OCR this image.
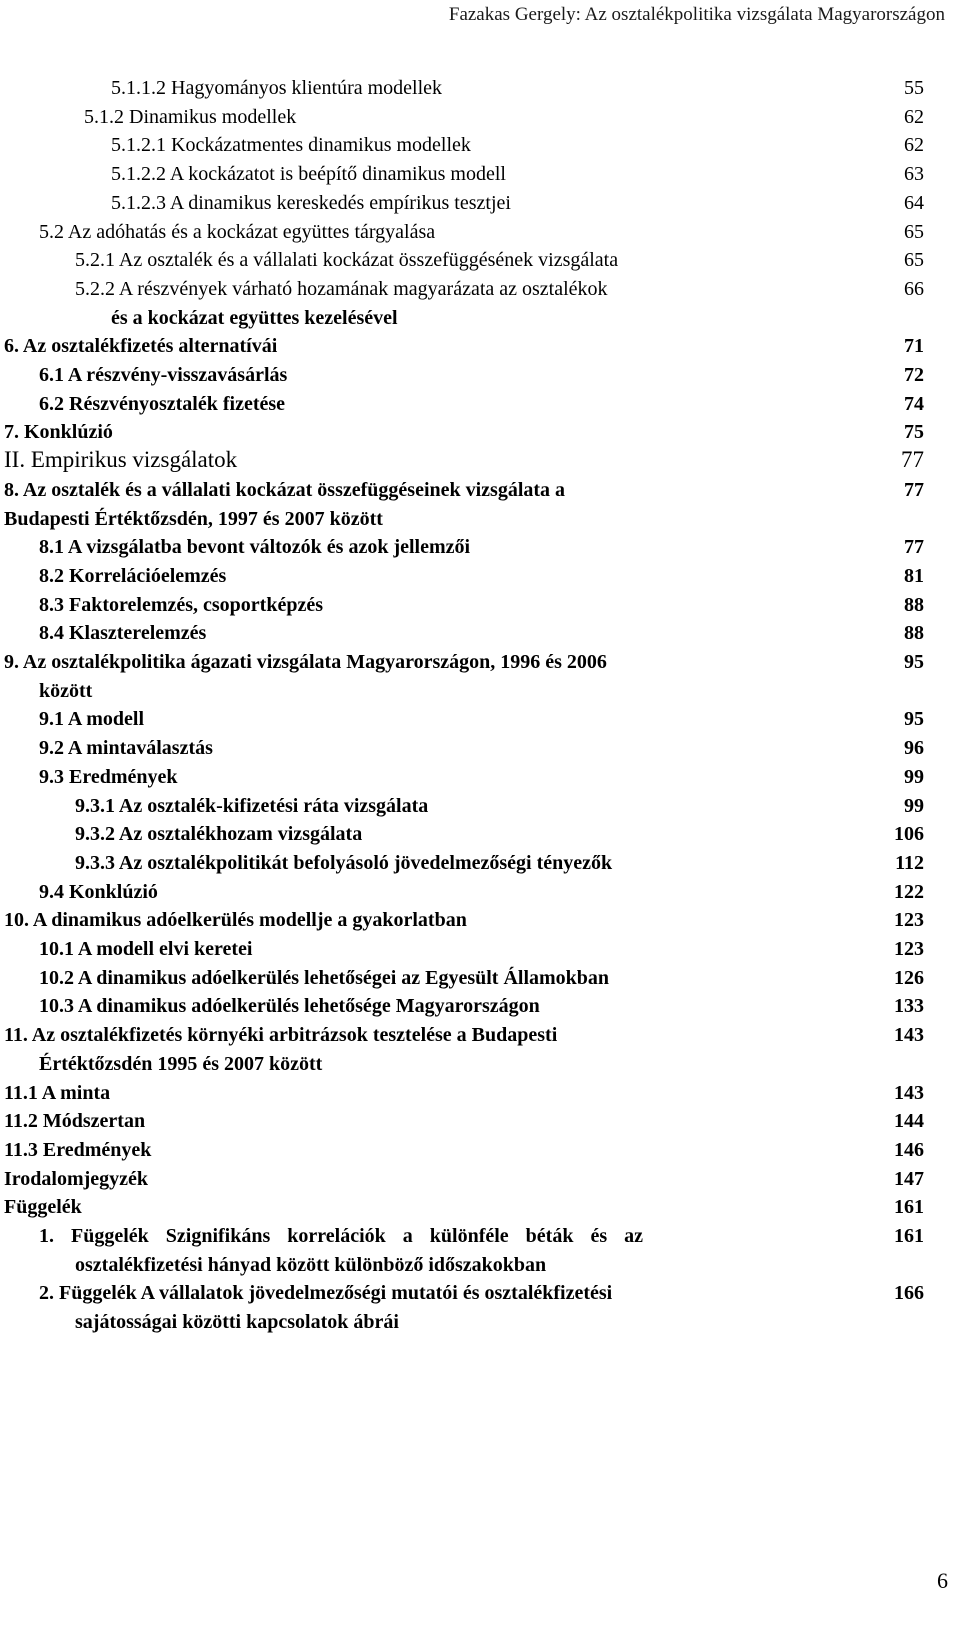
Fazakas Gergely: Az osztalékpolitika vizsgálata Magyarországon
5.1.1.2 Hagyományos klientúra modellek	55
5.1.2 Dinamikus modellek	62
5.1.2.1 Kockázatmentes dinamikus modellek	62
5.1.2.2 A kockázatot is beépítő dinamikus modell	63
5.1.2.3 A dinamikus kereskedés empírikus tesztjei	64
5.2 Az adóhatás és a kockázat együttes tárgyalása	65
5.2.1 Az osztalék és a vállalati kockázat összefüggésének vizsgálata	65
5.2.2 A részvények várható hozamának magyarázata az osztalékok	66
és a kockázat együttes kezelésével
6. Az osztalékfizetés alternatívái	71
6.1 A részvény-visszavásárlás	72
6.2 Részvényosztalék fizetése	74
7. Konklúzió	75
II. Empirikus vizsgálatok	77
8. Az osztalék és a vállalati kockázat összefüggéseinek vizsgálata a	77
Budapesti Értéktőzsdén, 1997 és 2007 között
8.1 A vizsgálatba bevont változók és azok jellemzői	77
8.2 Korrelációelemzés	81
8.3 Faktorelemzés, csoportképzés	88
8.4 Klaszterelemzés	88
9. Az osztalékpolitika ágazati vizsgálata Magyarországon, 1996 és 2006	95
között
9.1 A modell	95
9.2 A mintaválasztás	96
9.3 Eredmények	99
9.3.1 Az osztalék-kifizetési ráta vizsgálata	99
9.3.2 Az osztalékhozam vizsgálata	106
9.3.3 Az osztalékpolitikát befolyásoló jövedelmezőségi tényezők	112
9.4 Konklúzió	122
10. A dinamikus adóelkerülés modellje a gyakorlatban	123
10.1 A modell elvi keretei	123
10.2 A dinamikus adóelkerülés lehetőségei az Egyesült Államokban	126
10.3 A dinamikus adóelkerülés lehetősége Magyarországon	133
11. Az osztalékfizetés környéki arbitrázsok tesztelése a Budapesti	143
Értéktőzsdén 1995 és 2007 között
11.1 A minta	143
11.2 Módszertan	144
11.3 Eredmények	146
Irodalomjegyzék	147
Függelék	161
1. Függelék Szignifikáns korrelációk a különféle béták és az	161
osztalékfizetési hányad között különböző időszakokban
2. Függelék A vállalatok jövedelmezőségi mutatói és osztalékfizetési	166
sajátosságai közötti kapcsolatok ábrái
6
